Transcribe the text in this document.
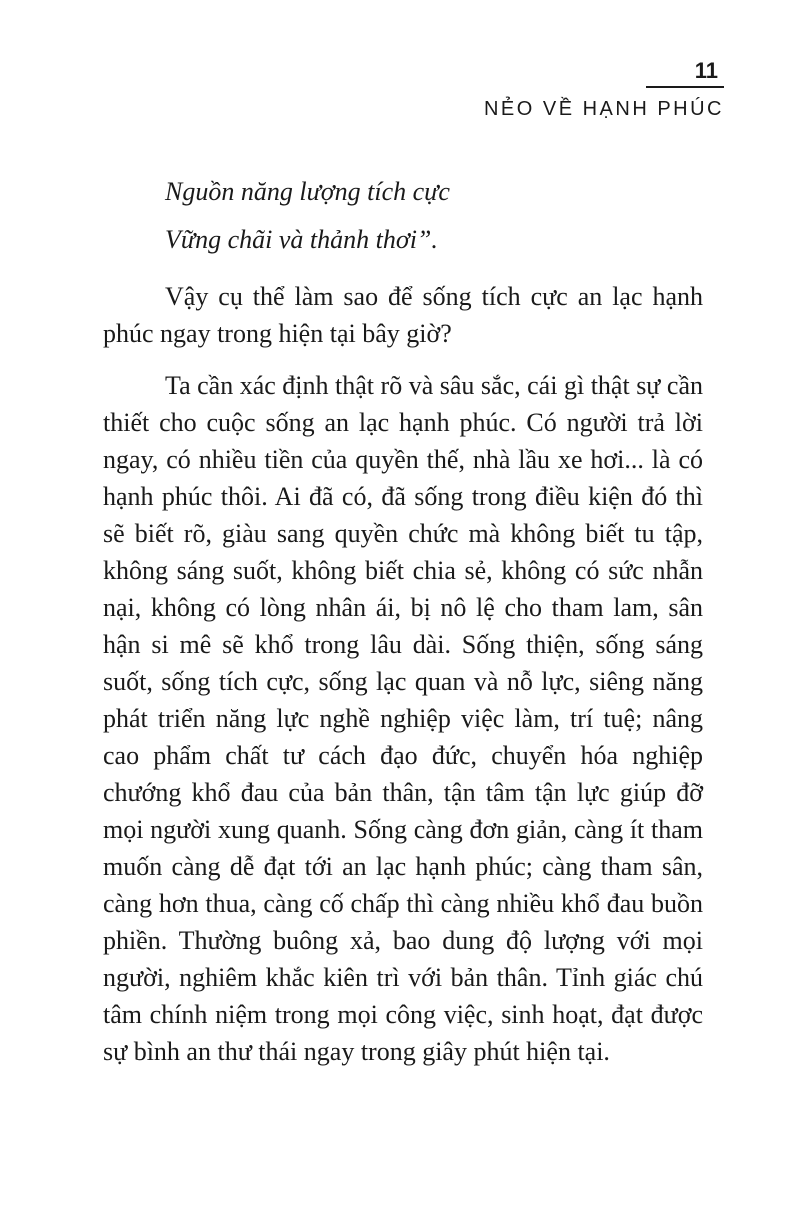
11
NẺO VỀ HẠNH PHÚC

Nguồn năng lượng tích cực

Vững chãi và thảnh thơi”.

Vậy cụ thể làm sao để sống tích cực an lạc hạnh phúc ngay trong hiện tại bây giờ?

Ta cần xác định thật rõ và sâu sắc, cái gì thật sự cần thiết cho cuộc sống an lạc hạnh phúc. Có người trả lời ngay, có nhiều tiền của quyền thế, nhà lầu xe hơi... là có hạnh phúc thôi. Ai đã có, đã sống trong điều kiện đó thì sẽ biết rõ, giàu sang quyền chức mà không biết tu tập, không sáng suốt, không biết chia sẻ, không có sức nhẫn nại, không có lòng nhân ái, bị nô lệ cho tham lam, sân hận si mê sẽ khổ trong lâu dài. Sống thiện, sống sáng suốt, sống tích cực, sống lạc quan và nỗ lực, siêng năng phát triển năng lực nghề nghiệp việc làm, trí tuệ; nâng cao phẩm chất tư cách đạo đức, chuyển hóa nghiệp chướng khổ đau của bản thân, tận tâm tận lực giúp đỡ mọi người xung quanh. Sống càng đơn giản, càng ít tham muốn càng dễ đạt tới an lạc hạnh phúc; càng tham sân, càng hơn thua, càng cố chấp thì càng nhiều khổ đau buồn phiền. Thường buông xả, bao dung độ lượng với mọi người, nghiêm khắc kiên trì với bản thân. Tỉnh giác chú tâm chính niệm trong mọi công việc, sinh hoạt, đạt được sự bình an thư thái ngay trong giây phút hiện tại.
